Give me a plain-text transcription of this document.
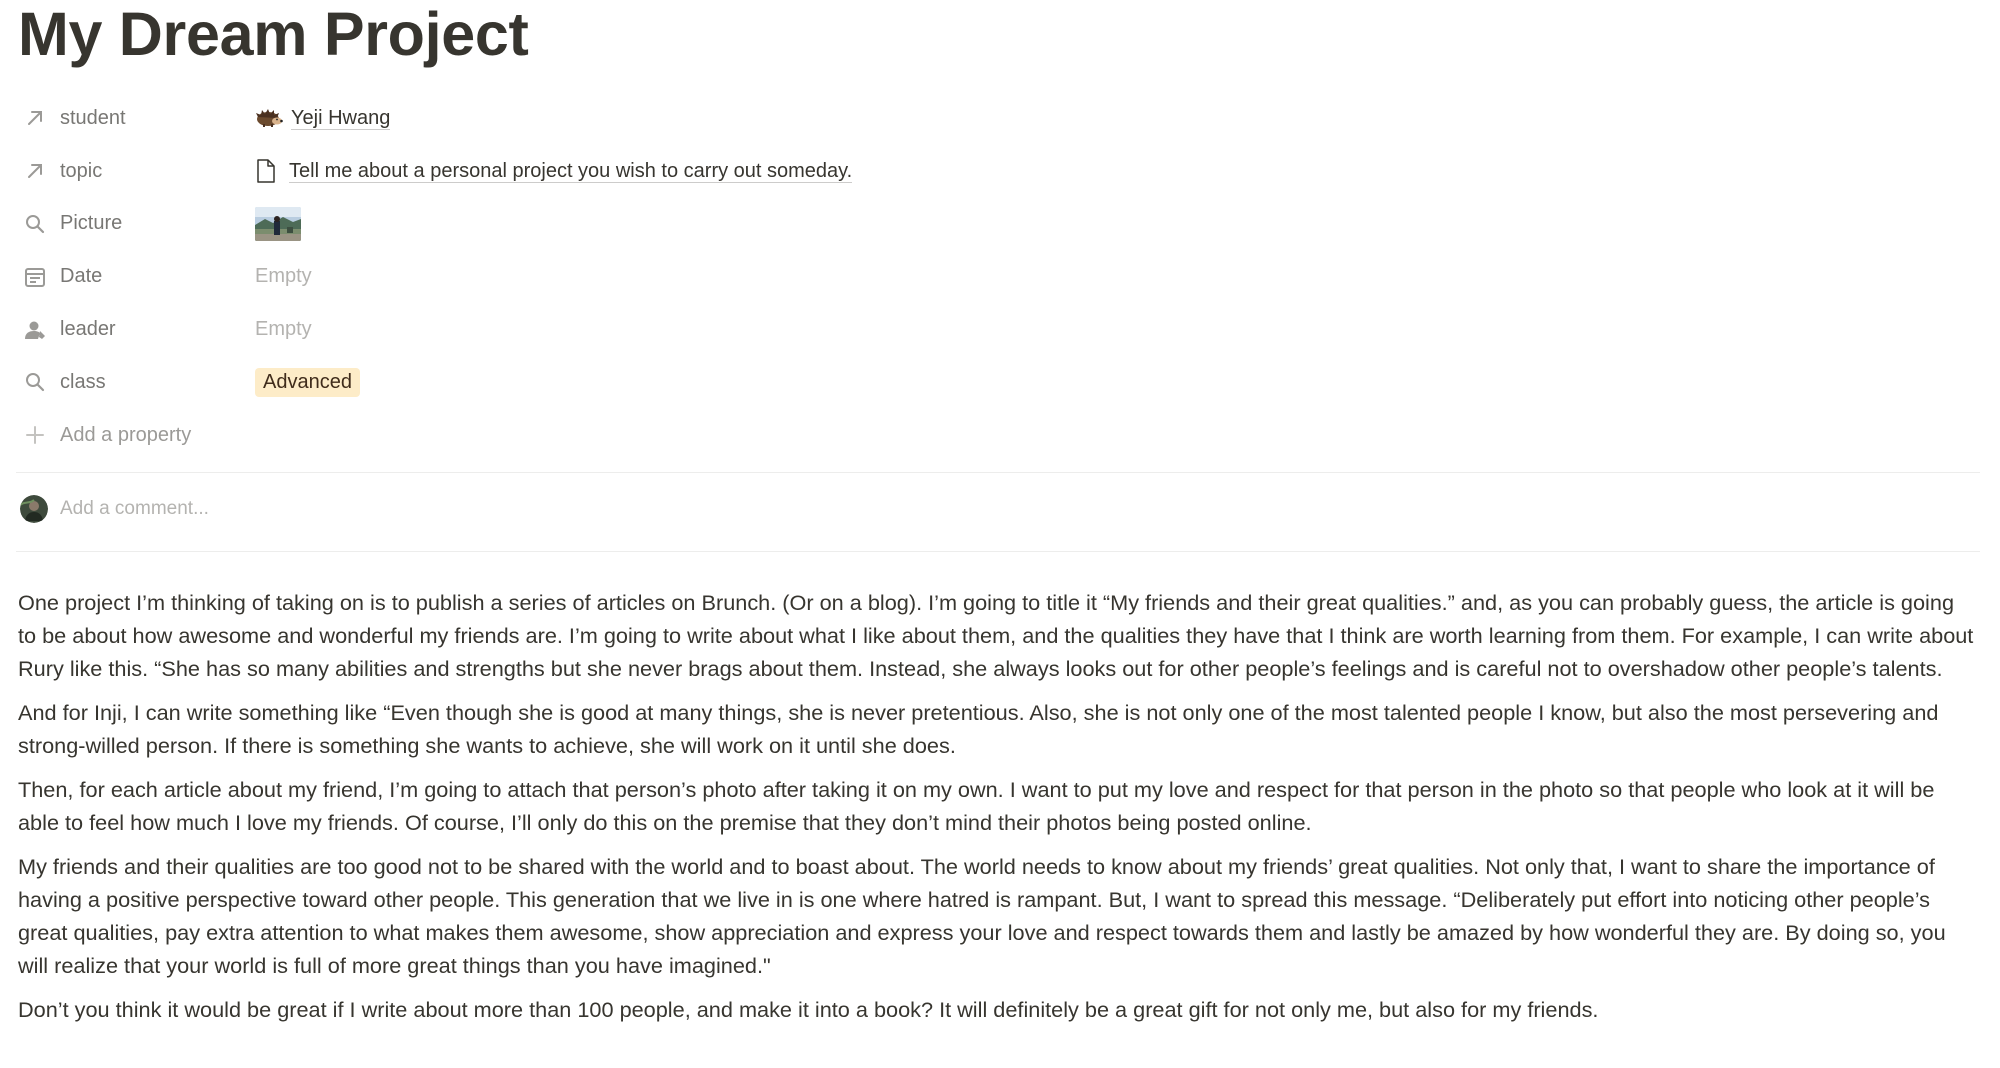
My Dream Project
student	Yeji Hwang
topic	Tell me about a personal project you wish to carry out someday.
Picture
Date	Empty
leader	Empty
class	Advanced
Add a property
Add a comment...

One project I’m thinking of taking on is to publish a series of articles on Brunch. (Or on a blog). I’m going to title it “My friends and their great qualities.” and, as you can probably guess, the article is going to be about how awesome and wonderful my friends are. I’m going to write about what I like about them, and the qualities they have that I think are worth learning from them. For example, I can write about Rury like this. “She has so many abilities and strengths but she never brags about them. Instead, she always looks out for other people’s feelings and is careful not to overshadow other people’s talents.

And for Inji, I can write something like “Even though she is good at many things, she is never pretentious. Also, she is not only one of the most talented people I know, but also the most persevering and strong-willed person. If there is something she wants to achieve, she will work on it until she does.

Then, for each article about my friend, I’m going to attach that person’s photo after taking it on my own. I want to put my love and respect for that person in the photo so that people who look at it will be able to feel how much I love my friends. Of course, I’ll only do this on the premise that they don’t mind their photos being posted online.

My friends and their qualities are too good not to be shared with the world and to boast about. The world needs to know about my friends’ great qualities. Not only that, I want to share the importance of having a positive perspective toward other people. This generation that we live in is one where hatred is rampant. But, I want to spread this message. “Deliberately put effort into noticing other people’s great qualities, pay extra attention to what makes them awesome, show appreciation and express your love and respect towards them and lastly be amazed by how wonderful they are. By doing so, you will realize that your world is full of more great things than you have imagined."

Don’t you think it would be great if I write about more than 100 people, and make it into a book? It will definitely be a great gift for not only me, but also for my friends.
